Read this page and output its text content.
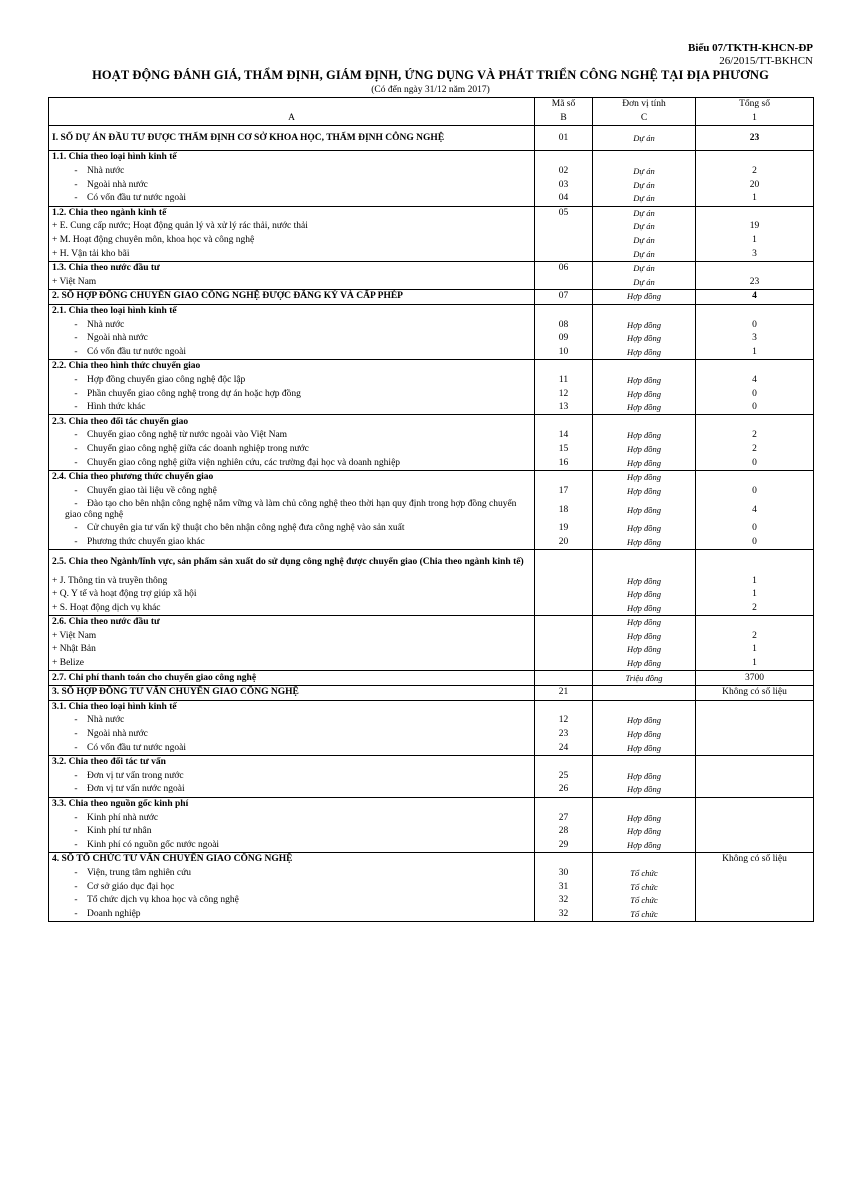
Biểu 07/TKTH-KHCN-ĐP
26/2015/TT-BKHCN
HOẠT ĐỘNG ĐÁNH GIÁ, THẨM ĐỊNH, GIÁM ĐỊNH, ỨNG DỤNG VÀ PHÁT TRIỂN CÔNG NGHỆ TẠI ĐỊA PHƯƠNG
(Có đến ngày 31/12 năm 2017)
	Mã số	Đơn vị tính	Tổng số
A	B	C	1
I. SỐ DỰ ÁN ĐẦU TƯ ĐƯỢC THẨM ĐỊNH CƠ SỞ KHOA HỌC, THẨM ĐỊNH CÔNG NGHỆ	01	Dự án	23
1.1. Chia theo loại hình kinh tế			
- Nhà nước	02	Dự án	2
- Ngoài nhà nước	03	Dự án	20
- Có vốn đầu tư nước ngoài	04	Dự án	1
1.2. Chia theo ngành kinh tế	05	Dự án	
+ E. Cung cấp nước; Hoạt động quản lý và xử lý rác thải, nước thải		Dự án	19
+ M. Hoạt động chuyên môn, khoa học và công nghệ		Dự án	1
+ H. Vận tải kho bãi		Dự án	3
1.3. Chia theo nước đầu tư	06	Dự án	
+ Việt Nam		Dự án	23
2. SỐ HỢP ĐỒNG CHUYỂN GIAO CÔNG NGHỆ ĐƯỢC ĐĂNG KÝ VÀ CẤP PHÉP	07	Hợp đồng	4
2.1. Chia theo loại hình kinh tế			
- Nhà nước	08	Hợp đồng	0
- Ngoài nhà nước	09	Hợp đồng	3
- Có vốn đầu tư nước ngoài	10	Hợp đồng	1
2.2. Chia theo hình thức chuyển giao			
- Hợp đồng chuyển giao công nghệ độc lập	11	Hợp đồng	4
- Phần chuyển giao công nghệ trong dự án hoặc hợp đồng	12	Hợp đồng	0
- Hình thức khác	13	Hợp đồng	0
2.3. Chia theo đối tác chuyển giao			
- Chuyển giao công nghệ từ nước ngoài vào Việt Nam	14	Hợp đồng	2
- Chuyển giao công nghệ giữa các doanh nghiệp trong nước	15	Hợp đồng	2
- Chuyển giao công nghệ giữa viện nghiên cứu, các trường đại học và doanh nghiệp	16	Hợp đồng	0
2.4. Chia theo phương thức chuyển giao		Hợp đồng	
- Chuyển giao tài liệu về công nghệ	17	Hợp đồng	0
- Đào tạo cho bên nhận công nghệ nắm vững và làm chủ công nghệ theo thời hạn quy định trong hợp đồng chuyển giao công nghệ	18	Hợp đồng	4
- Cử chuyên gia tư vấn kỹ thuật cho bên nhận công nghệ đưa công nghệ vào sản xuất	19	Hợp đồng	0
- Phương thức chuyển giao khác	20	Hợp đồng	0
2.5. Chia theo Ngành/lĩnh vực, sản phẩm sản xuất do sử dụng công nghệ được chuyển giao (Chia theo ngành kinh tế)			
+ J. Thông tin và truyền thông		Hợp đồng	1
+ Q. Y tế và hoạt động trợ giúp xã hội		Hợp đồng	1
+ S. Hoạt động dịch vụ khác		Hợp đồng	2
2.6. Chia theo nước đầu tư		Hợp đồng	
+ Việt Nam		Hợp đồng	2
+ Nhật Bản		Hợp đồng	1
+ Belize		Hợp đồng	1
2.7. Chi phí thanh toán cho chuyển giao công nghệ		Triệu đồng	3700
3. SỐ HỢP ĐỒNG TƯ VẤN CHUYỂN GIAO CÔNG NGHỆ	21		Không có số liệu
3.1. Chia theo loại hình kinh tế			
- Nhà nước	12	Hợp đồng	
- Ngoài nhà nước	23	Hợp đồng	
- Có vốn đầu tư nước ngoài	24	Hợp đồng	
3.2. Chia theo đối tác tư vấn			
- Đơn vị tư vấn trong nước	25	Hợp đồng	
- Đơn vị tư vấn nước ngoài	26	Hợp đồng	
3.3. Chia theo nguồn gốc kinh phí			
- Kinh phí nhà nước	27	Hợp đồng	
- Kinh phí tư nhân	28	Hợp đồng	
- Kinh phí có nguồn gốc nước ngoài	29	Hợp đồng	
4. SỐ TỔ CHỨC TƯ VẤN CHUYỂN GIAO CÔNG NGHỆ			Không có số liệu
- Viện, trung tâm nghiên cứu	30	Tổ chức	
- Cơ sở giáo dục đại học	31	Tổ chức	
- Tổ chức dịch vụ khoa học và công nghệ	32	Tổ chức	
- Doanh nghiệp	32	Tổ chức	
